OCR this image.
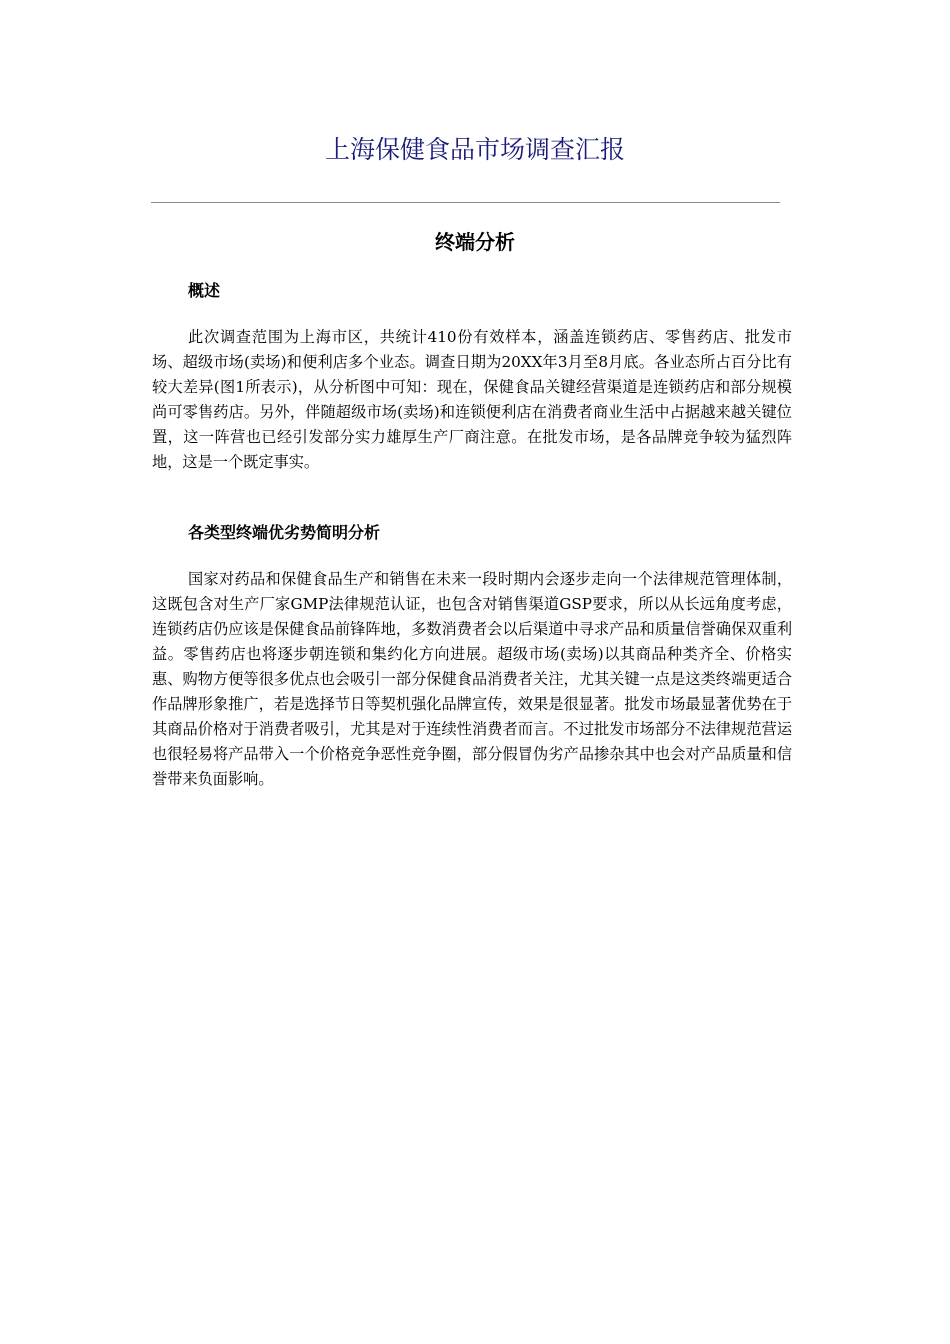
上海保健食品市场调查汇报
终端分析
概述

此次调查范围为上海市区，共统计410份有效样本，涵盖连锁药店、零售药店、批发市场、超级市场(卖场)和便利店多个业态。调查日期为20XX年3月至8月底。各业态所占百分比有较大差异(图1所表示)，从分析图中可知：现在，保健食品关键经营渠道是连锁药店和部分规模尚可零售药店。另外，伴随超级市场(卖场)和连锁便利店在消费者商业生活中占据越来越关键位置，这一阵营也已经引发部分实力雄厚生产厂商注意。在批发市场，是各品牌竞争较为猛烈阵地，这是一个既定事实。

各类型终端优劣势简明分析

国家对药品和保健食品生产和销售在未来一段时期内会逐步走向一个法律规范管理体制，这既包含对生产厂家GMP法律规范认证，也包含对销售渠道GSP要求，所以从长远角度考虑，连锁药店仍应该是保健食品前锋阵地，多数消费者会以后渠道中寻求产品和质量信誉确保双重利益。零售药店也将逐步朝连锁和集约化方向进展。超级市场(卖场)以其商品种类齐全、价格实惠、购物方便等很多优点也会吸引一部分保健食品消费者关注，尤其关键一点是这类终端更适合作品牌形象推广，若是选择节日等契机强化品牌宣传，效果是很显著。批发市场最显著优势在于其商品价格对于消费者吸引，尤其是对于连续性消费者而言。不过批发市场部分不法律规范营运也很轻易将产品带入一个价格竞争恶性竞争圈，部分假冒伪劣产品掺杂其中也会对产品质量和信誉带来负面影响。
